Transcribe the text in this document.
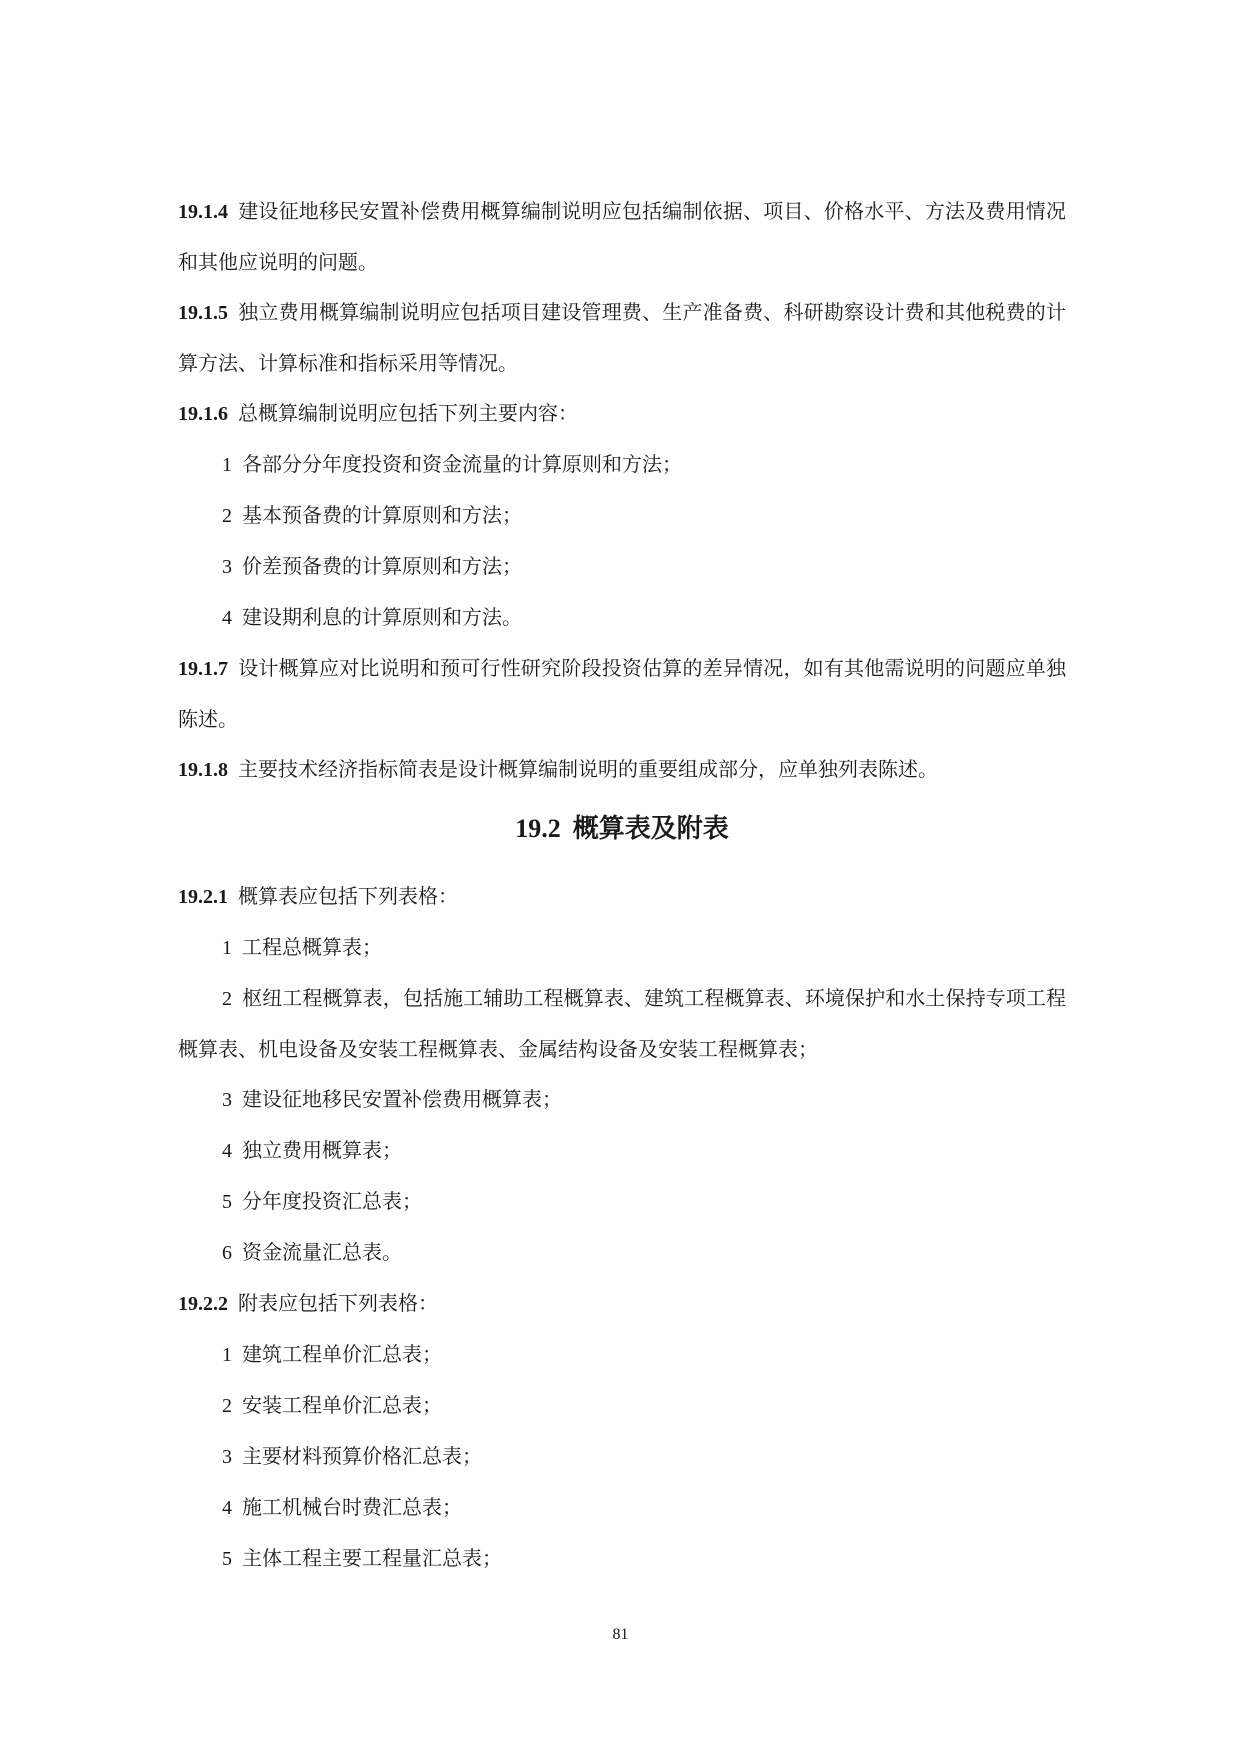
19.1.4 建设征地移民安置补偿费用概算编制说明应包括编制依据、项目、价格水平、方法及费用情况和其他应说明的问题。

19.1.5 独立费用概算编制说明应包括项目建设管理费、生产准备费、科研勘察设计费和其他税费的计算方法、计算标准和指标采用等情况。

19.1.6 总概算编制说明应包括下列主要内容：

1 各部分分年度投资和资金流量的计算原则和方法；

2 基本预备费的计算原则和方法；

3 价差预备费的计算原则和方法；

4 建设期利息的计算原则和方法。

19.1.7 设计概算应对比说明和预可行性研究阶段投资估算的差异情况，如有其他需说明的问题应单独陈述。

19.1.8 主要技术经济指标简表是设计概算编制说明的重要组成部分，应单独列表陈述。

19.2 概算表及附表

19.2.1 概算表应包括下列表格：

1 工程总概算表；

2 枢纽工程概算表，包括施工辅助工程概算表、建筑工程概算表、环境保护和水土保持专项工程概算表、机电设备及安装工程概算表、金属结构设备及安装工程概算表；

3 建设征地移民安置补偿费用概算表；

4 独立费用概算表；

5 分年度投资汇总表；

6 资金流量汇总表。

19.2.2 附表应包括下列表格：

1 建筑工程单价汇总表；

2 安装工程单价汇总表；

3 主要材料预算价格汇总表；

4 施工机械台时费汇总表；

5 主体工程主要工程量汇总表；

81
